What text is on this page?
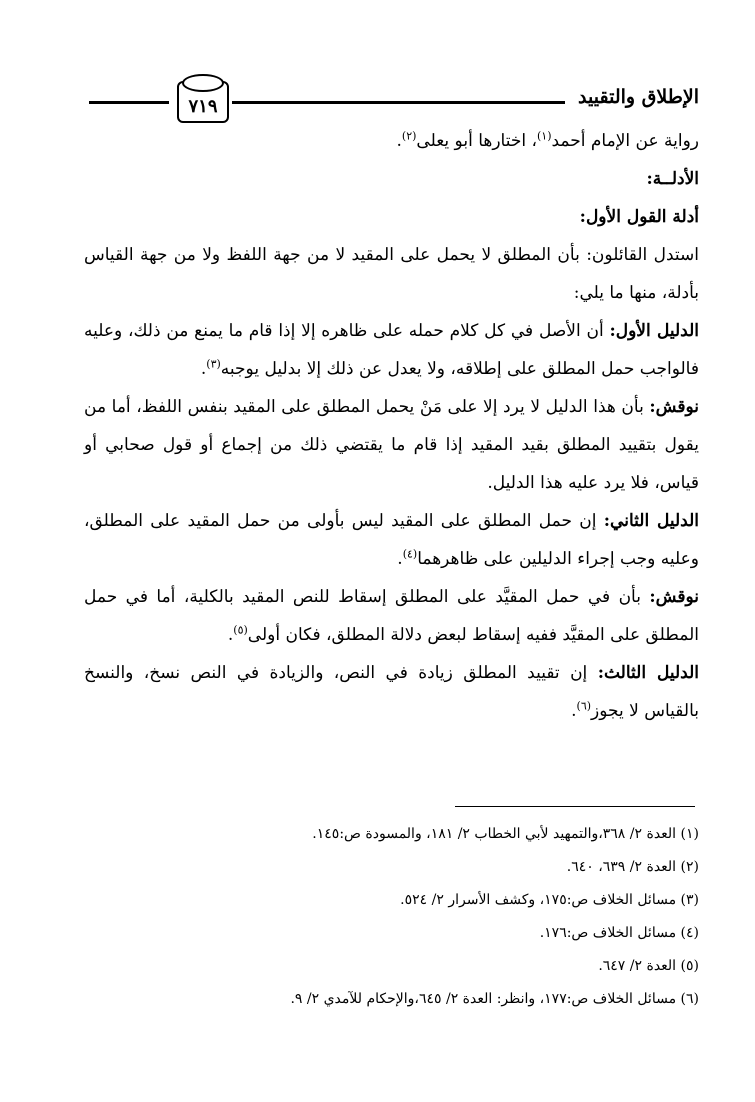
الإطلاق والتقييد
٧١٩

رواية عن الإمام أحمد$^{(١)}$، اختارها أبو يعلى$^{(٢)}$.

الأدلــة:

أدلة القول الأول:

استدل القائلون: بأن المطلق لا يحمل على المقيد لا من جهة اللفظ ولا من جهة القياس بأدلة، منها ما يلي:

الدليل الأول: أن الأصل في كل كلام حمله على ظاهره إلا إذا قام ما يمنع من ذلك، وعليه فالواجب حمل المطلق على إطلاقه، ولا يعدل عن ذلك إلا بدليل يوجبه$^{(٣)}$.

نوقش: بأن هذا الدليل لا يرد إلا على مَنْ يحمل المطلق على المقيد بنفس اللفظ، أما من يقول بتقييد المطلق بقيد المقيد إذا قام ما يقتضي ذلك من إجماع أو قول صحابي أو قياس، فلا يرد عليه هذا الدليل.

الدليل الثاني: إن حمل المطلق على المقيد ليس بأولى من حمل المقيد على المطلق، وعليه وجب إجراء الدليلين على ظاهرهما$^{(٤)}$.

نوقش: بأن في حمل المقيَّد على المطلق إسقاط للنص المقيد بالكلية، أما في حمل المطلق على المقيَّد ففيه إسقاط لبعض دلالة المطلق، فكان أولى$^{(٥)}$.

الدليل الثالث: إن تقييد المطلق زيادة في النص، والزيادة في النص نسخ، والنسخ بالقياس لا يجوز$^{(٦)}$.

(١) العدة ٢/ ٣٦٨،والتمهيد لأبي الخطاب ٢/ ١٨١، والمسودة ص:١٤٥.

(٢) العدة ٢/ ٦٣٩، ٦٤٠.

(٣) مسائل الخلاف ص:١٧٥، وكشف الأسرار ٢/ ٥٢٤.

(٤) مسائل الخلاف ص:١٧٦.

(٥) العدة ٢/ ٦٤٧.

(٦) مسائل الخلاف ص:١٧٧، وانظر: العدة ٢/ ٦٤٥،والإحكام للآمدي ٢/ ٩.
